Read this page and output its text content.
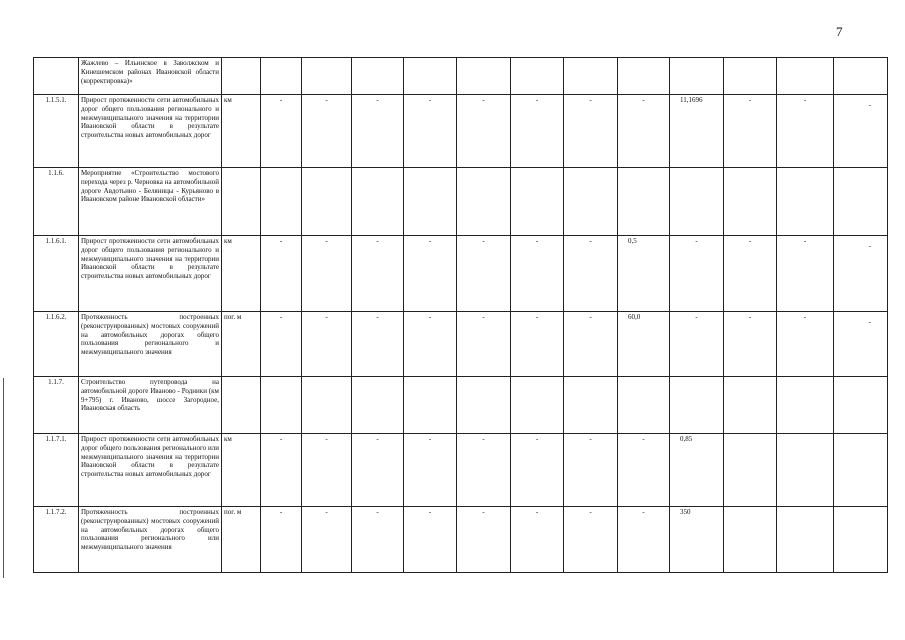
7
	Жажлево – Ильинское в Заволжском и Кинешемском районах Ивановской области (корректировка)»													
1.1.5.1.	Прирост протяженности сети автомобильных дорог общего пользования регионального и межмуниципального значения на территории Ивановской области в результате строительства новых автомобильных дорог	км	-	-	-	-	-	-	-	-	11,1696	-	-	-
1.1.6.	Мероприятие «Строительство мостового перехода через р. Черновка на автомобильной дороге Авдотьино - Беляницы - Курьяново в Ивановском районе Ивановской области»													
1.1.6.1.	Прирост протяженности сети автомобильных дорог общего пользования регионального и межмуниципального значения на территории Ивановской области в результате строительства новых автомобильных дорог	км	-	-	-	-	-	-	-	0,5	-	-	-	-
1.1.6.2.	Протяженность построенных (реконструированных) мостовых сооружений на автомобильных дорогах общего пользования регионального и межмуниципального значения	пог. м	-	-	-	-	-	-	-	60,0	-	-	-	-
1.1.7.	Строительство путепровода на автомобильной дороге Иваново - Родники (км 9+795) г. Иваново, шоссе Загородное, Ивановская область													
1.1.7.1.	Прирост протяженности сети автомобильных дорог общего пользования регионального или межмуниципального значения на территории Ивановской области в результате строительства новых автомобильных дорог	км	-	-	-	-	-	-	-	-	0,85			
1.1.7.2.	Протяженность построенных (реконструированных) мостовых сооружений на автомобильных дорогах общего пользования регионального или межмуниципального значения	пог. м	-	-	-	-	-	-	-	-	350			
